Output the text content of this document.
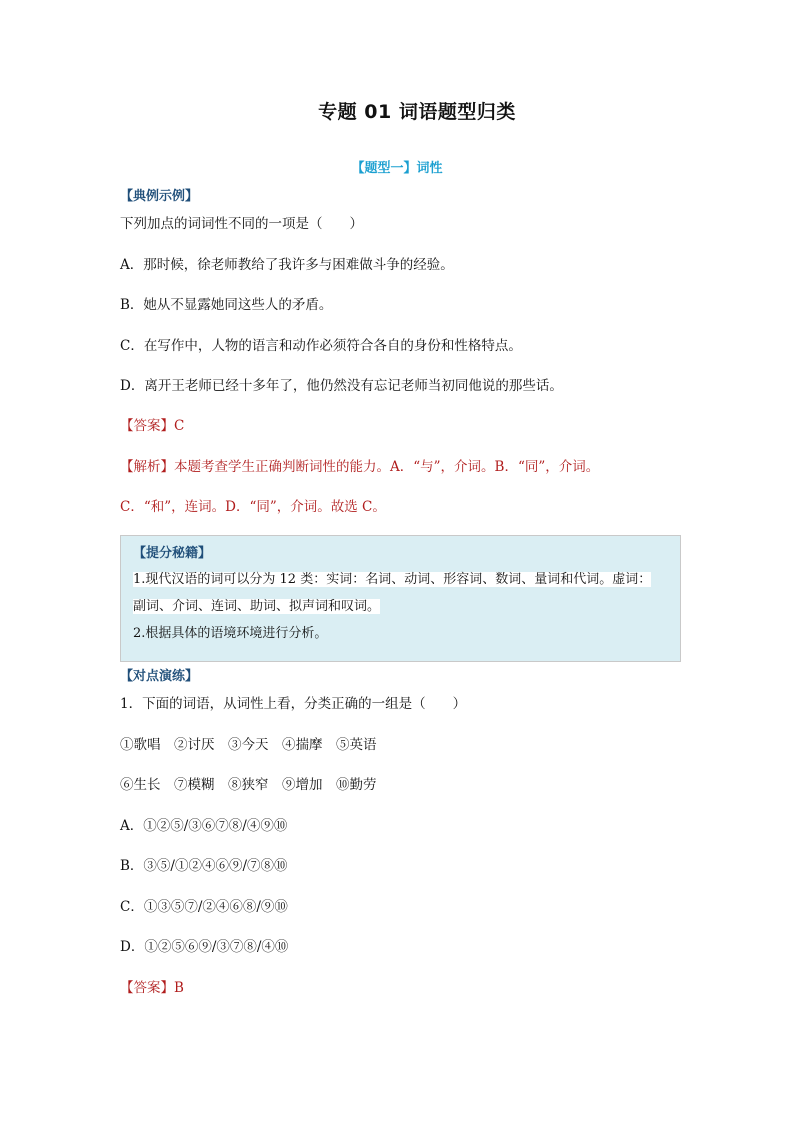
专题 01 词语题型归类
【题型一】词性
【典例示例】
下列加点的词词性不同的一项是（　　）
A．那时候，徐老师教给了我许多与困难做斗争的经验。
B．她从不显露她同这些人的矛盾。
C．在写作中，人物的语言和动作必须符合各自的身份和性格特点。
D．离开王老师已经十多年了，他仍然没有忘记老师当初同他说的那些话。
【答案】C
【解析】本题考查学生正确判断词性的能力。A．“与”，介词。B．“同”，介词。
C．“和”，连词。D．“同”，介词。故选 C。
【提分秘籍】
1.现代汉语的词可以分为 12 类：实词：名词、动词、形容词、数词、量词和代词。虚词：
副词、介词、连词、助词、拟声词和叹词。
2.根据具体的语境环境进行分析。
【对点演练】
1．下面的词语，从词性上看，分类正确的一组是（　　）
①歌唱　②讨厌　③今天　④揣摩　⑤英语
⑥生长　⑦模糊　⑧狭窄　⑨增加　⑩勤劳
A．①②⑤/③⑥⑦⑧/④⑨⑩
B．③⑤/①②④⑥⑨/⑦⑧⑩
C．①③⑤⑦/②④⑥⑧/⑨⑩
D．①②⑤⑥⑨/③⑦⑧/④⑩
【答案】B
